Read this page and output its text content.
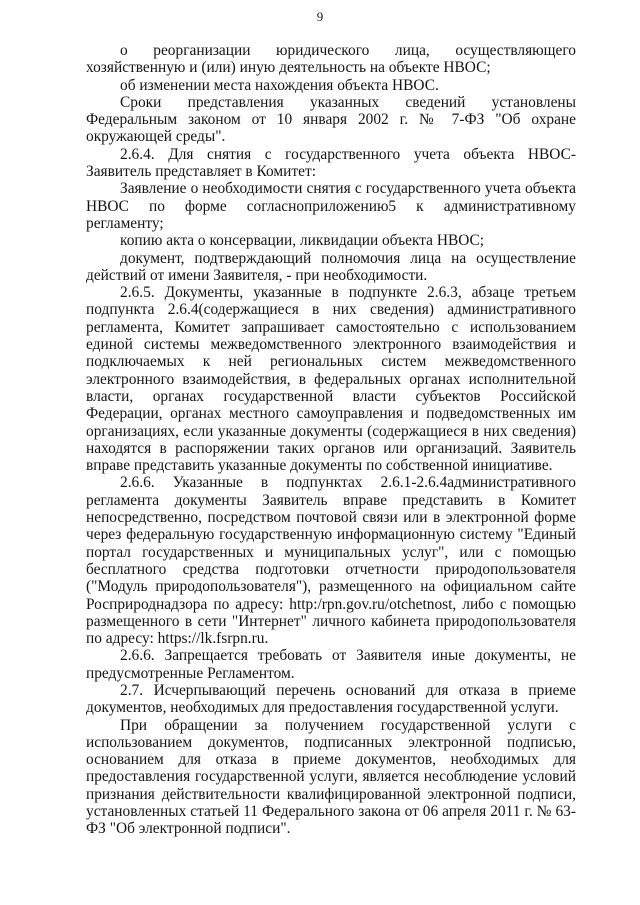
9

о реорганизации юридического лица, осуществляющего хозяйственную и (или) иную деятельность на объекте НВОС;

об изменении места нахождения объекта НВОС.

Сроки представления указанных сведений установлены Федеральным законом от 10 января 2002 г. № 7-ФЗ "Об охране окружающей среды".

2.6.4. Для снятия с государственного учета объекта НВОС- Заявитель представляет в Комитет:

Заявление о необходимости снятия с государственного учета объекта НВОС по форме согласноприложению5 к административному регламенту;

копию акта о консервации, ликвидации объекта НВОС;

документ, подтверждающий полномочия лица на осуществление действий от имени Заявителя, - при необходимости.

2.6.5. Документы, указанные в подпункте 2.6.3, абзаце третьем подпункта 2.6.4(содержащиеся в них сведения) административного регламента, Комитет запрашивает самостоятельно с использованием единой системы межведомственного электронного взаимодействия и подключаемых к ней региональных систем межведомственного электронного взаимодействия, в федеральных органах исполнительной власти, органах государственной власти субъектов Российской Федерации, органах местного самоуправления и подведомственных им организациях, если указанные документы (содержащиеся в них сведения) находятся в распоряжении таких органов или организаций. Заявитель вправе представить указанные документы по собственной инициативе.

2.6.6. Указанные в подпунктах 2.6.1-2.6.4административного регламента документы Заявитель вправе представить в Комитет непосредственно, посредством почтовой связи или в электронной форме через федеральную государственную информационную систему "Единый портал государственных и муниципальных услуг", или с помощью бесплатного средства подготовки отчетности природопользователя ("Модуль природопользователя"), размещенного на официальном сайте Росприроднадзора по адресу: http:/rpn.gov.ru/otchetnost, либо с помощью размещенного в сети "Интернет" личного кабинета природопользователя по адресу: https://lk.fsrpn.ru.

2.6.6. Запрещается требовать от Заявителя иные документы, не предусмотренные Регламентом.

2.7. Исчерпывающий перечень оснований для отказа в приеме документов, необходимых для предоставления государственной услуги.

При обращении за получением государственной услуги с использованием документов, подписанных электронной подписью, основанием для отказа в приеме документов, необходимых для предоставления государственной услуги, является несоблюдение условий признания действительности квалифицированной электронной подписи, установленных статьей 11 Федерального закона от 06 апреля 2011 г. № 63-ФЗ "Об электронной подписи".
